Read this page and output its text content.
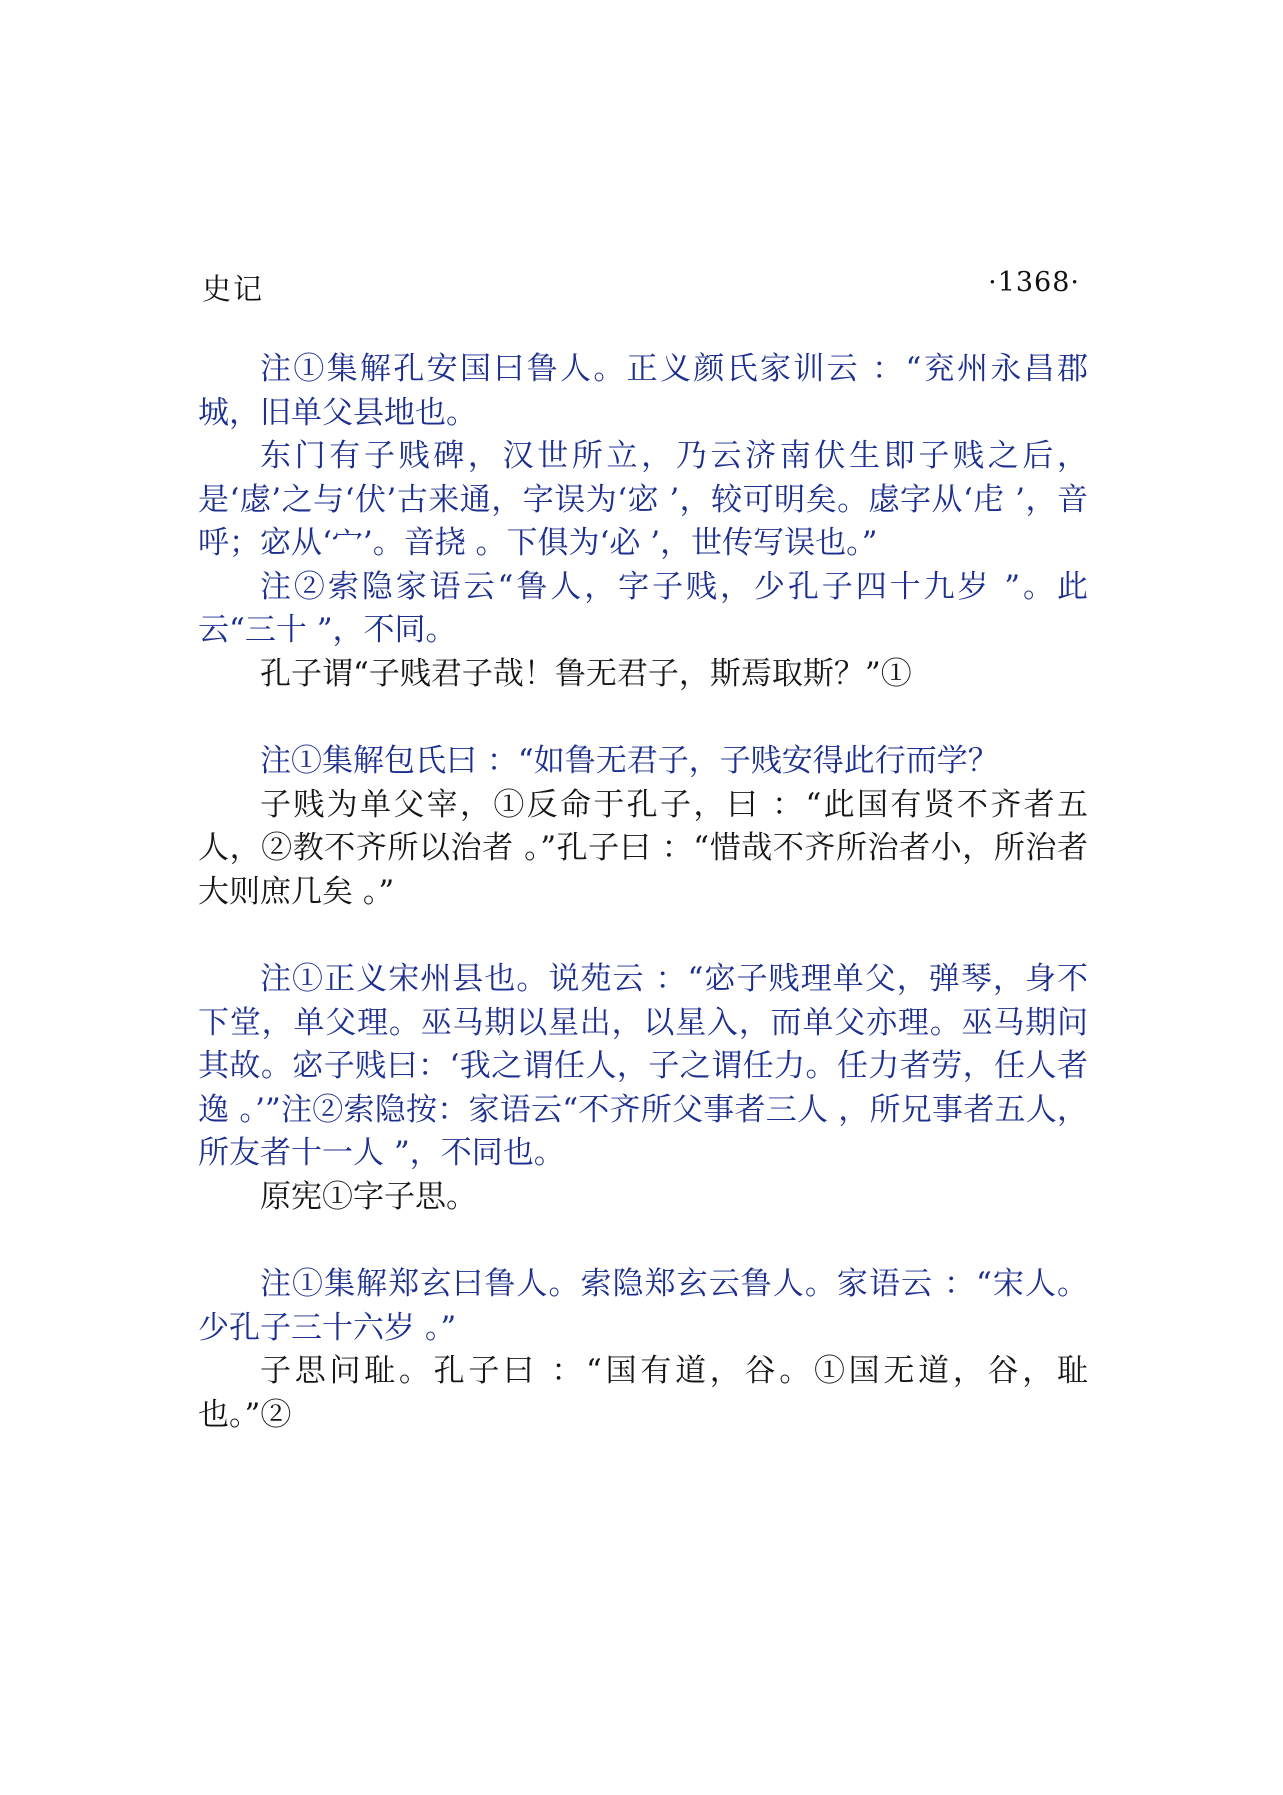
史记	·1368·

注①集解孔安国曰鲁人。正义颜氏家训云 ：“兖州永昌郡城，旧单父县地也。

东门有子贱碑，汉世所立，乃云济南伏生即子贱之后，是‘虙’之与‘伏’古来通，字误为‘宓 ’，较可明矣。虙字从‘虍 ’，音呼；宓从‘宀’。音挠 。下俱为‘必 ’，世传写误也。”

注②索隐家语云“鲁人，字子贱，少孔子四十九岁 ”。此云“三十 ”，不同。

孔子谓“子贱君子哉！鲁无君子，斯焉取斯？”①

注①集解包氏曰 ：“如鲁无君子，子贱安得此行而学？

子贱为单父宰，①反命于孔子，曰 ：“此国有贤不齐者五人，②教不齐所以治者 。”孔子曰 ：“惜哉不齐所治者小，所治者大则庶几矣 。”

注①正义宋州县也。说苑云 ：“宓子贱理单父，弹琴，身不下堂，单父理。巫马期以星出，以星入，而单父亦理。巫马期问其故。宓子贱曰：‘我之谓任人，子之谓任力。任力者劳，任人者逸 。’”注②索隐按：家语云“不齐所父事者三人 ，所兄事者五人，所友者十一人 ”，不同也。

原宪①字子思。

注①集解郑玄曰鲁人。索隐郑玄云鲁人。家语云 ：“宋人。少孔子三十六岁 。”

子思问耻。孔子曰 ：“国有道，谷。①国无道，谷，耻也。”②
